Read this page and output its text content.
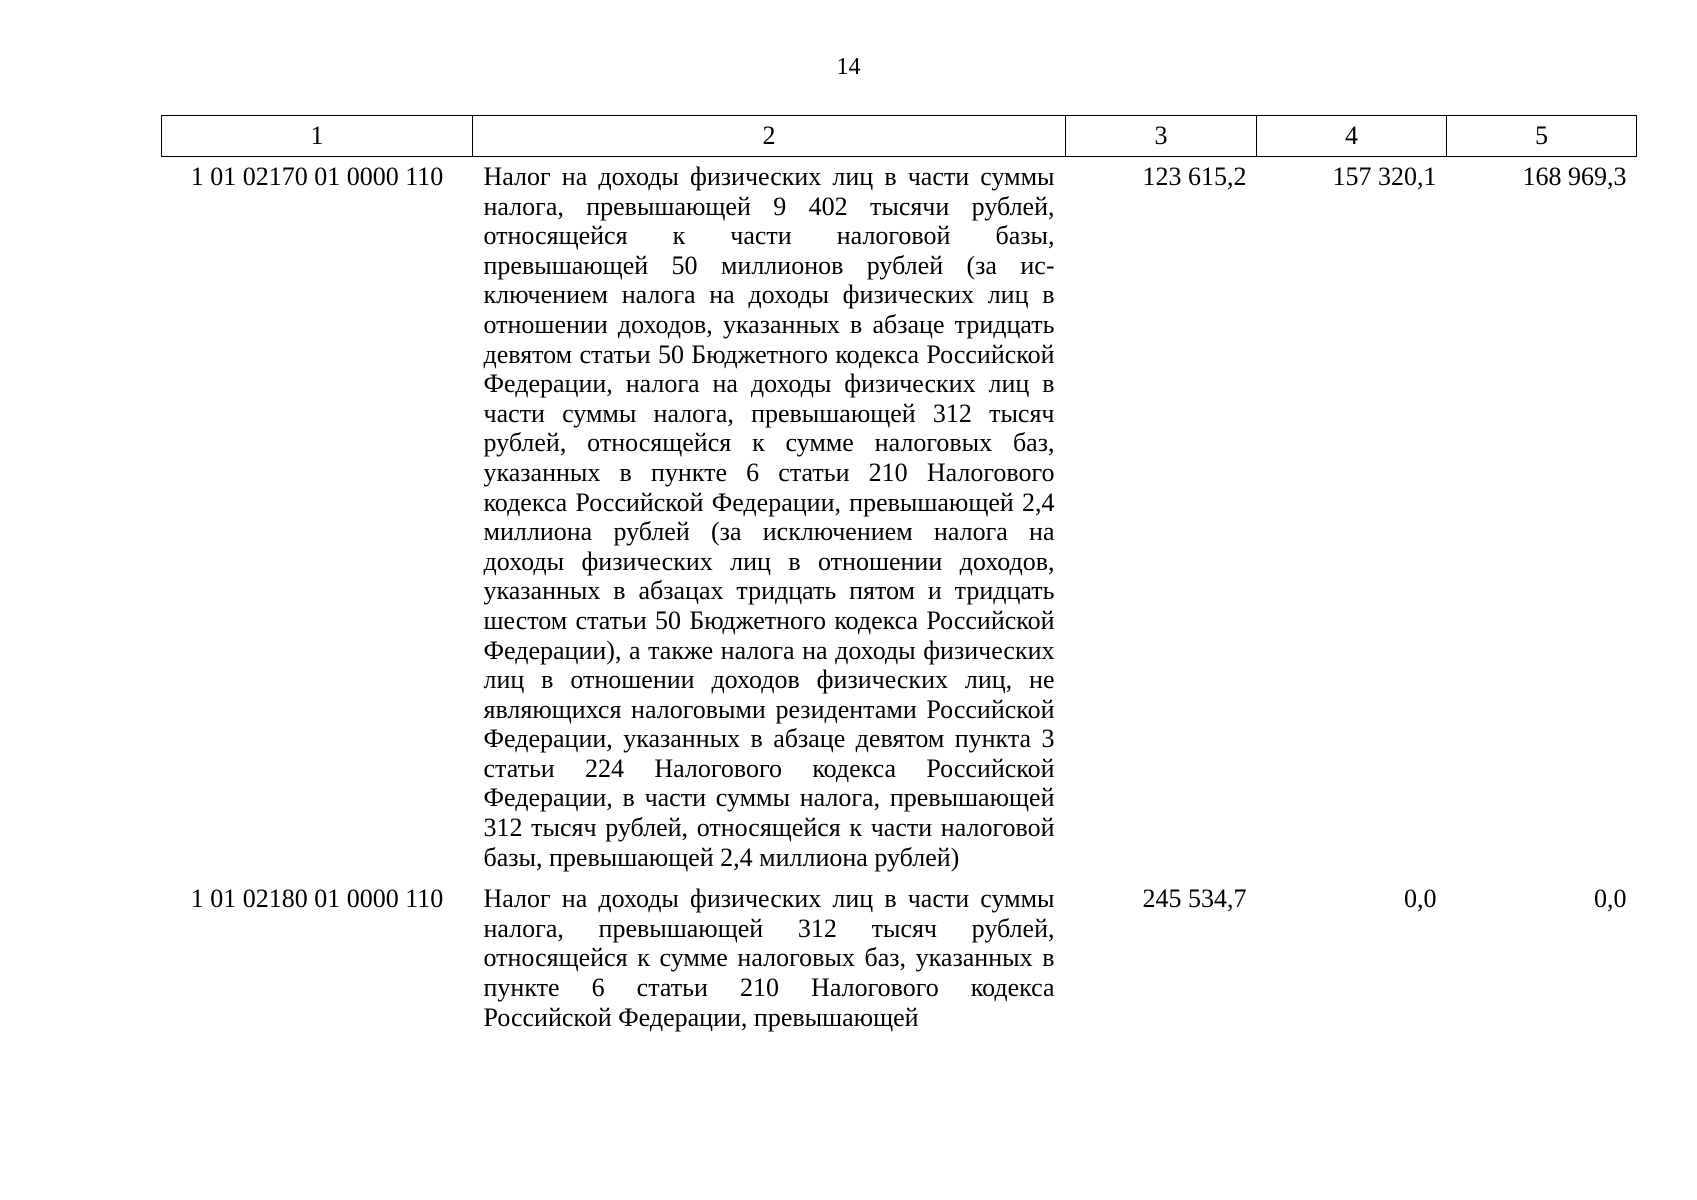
14
1	2	3	4	5
1 01 02170 01 0000 110	Налог на доходы физических лиц в части суммы налога, превышающей 9 402 тысячи рублей, относящейся к части налоговой базы, превышающей 50 миллионов рублей (за исключением налога на доходы физических лиц в отношении доходов, указанных в абзаце тридцать девятом статьи 50 Бюджетного кодекса Российской Федерации, налога на доходы физических лиц в части суммы налога, превышающей 312 тысяч рублей, относящейся к сумме налоговых баз, указанных в пункте 6 статьи 210 Налогового кодекса Российской Федерации, превышающей 2,4 миллиона рублей (за исключением налога на доходы физических лиц в отношении доходов, указанных в абзацах тридцать пятом и тридцать шестом статьи 50 Бюджетного кодекса Российской Федерации), а также налога на доходы физических лиц в отношении доходов физических лиц, не являющихся налоговыми резидентами Российской Федерации, указанных в абзаце девятом пункта 3 статьи 224 Налогового кодекса Российской Федерации, в части суммы налога, превышающей 312 тысяч рублей, относящейся к части налоговой базы, превышающей 2,4 миллиона рублей)	123 615,2	157 320,1	168 969,3
1 01 02180 01 0000 110	Налог на доходы физических лиц в части суммы налога, превышающей 312 тысяч рублей, относящейся к сумме налоговых баз, указанных в пункте 6 статьи 210 Налогового кодекса Российской Федерации, превышающей	245 534,7	0,0	0,0
